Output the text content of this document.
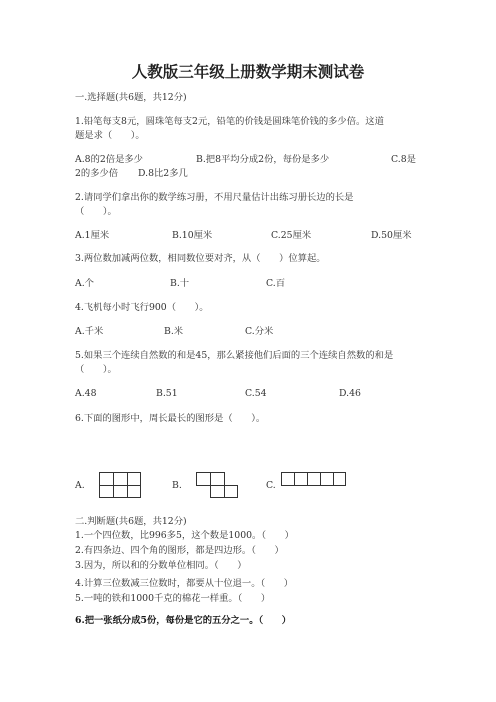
人教版三年级上册数学期末测试卷
一.选择题(共6题，共12分)
1.铅笔每支8元，圆珠笔每支2元，铅笔的价钱是圆珠笔价钱的多少倍。这道
题是求（　　）。
A.8的2倍是多少	B.把8平均分成2份，每份是多少	C.8是
2的多少倍 D.8比2多几
2.请同学们拿出你的数学练习册，不用尺量估计出练习册长边的长是
（　　）。
A.1厘米	B.10厘米	C.25厘米	D.50厘米
3.两位数加减两位数，相同数位要对齐，从（　　）位算起。
A.个	B.十	C.百
4.飞机每小时飞行900（　　）。
A.千米	B.米	C.分米
5.如果三个连续自然数的和是45，那么紧接他们后面的三个连续自然数的和是
（　　）。
A.48	B.51	C.54	D.46
6.下面的图形中，周长最长的图形是（　　）。
A.	B.	C.
二.判断题(共6题，共12分)
1.一个四位数，比996多5，这个数是1000。（　　）
2.有四条边、四个角的图形，都是四边形。（　　）
3.因为，所以和的分数单位相同。（　　）
4.计算三位数减三位数时，都要从十位退一。（　　）
5.一吨的铁和1000千克的棉花一样重。（　　）
6.把一张纸分成5份，每份是它的五分之一。（　　）
